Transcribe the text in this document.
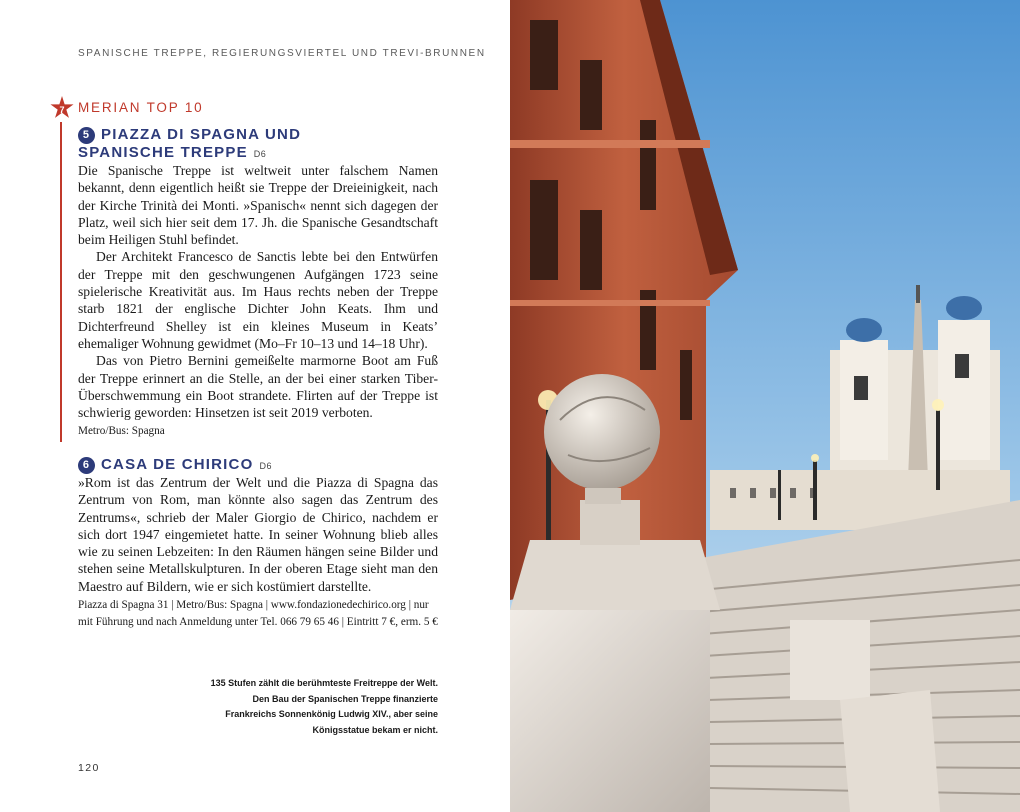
SPANISCHE TREPPE, REGIERUNGSVIERTEL UND TREVI-BRUNNEN
7	MERIAN TOP 10
5 PIAZZA DI SPAGNA UND
SPANISCHE TREPPE D6

Die Spanische Treppe ist weltweit unter falschem Namen bekannt, denn eigentlich heißt sie Treppe der Dreieinigkeit, nach der Kirche Trinità dei Monti. »Spanisch« nennt sich dagegen der Platz, weil sich hier seit dem 17. Jh. die Spanische Gesandtschaft beim Heiligen Stuhl befindet.

Der Architekt Francesco de Sanctis lebte bei den Entwürfen der Treppe mit den geschwungenen Aufgängen 1723 seine spielerische Kreativität aus. Im Haus rechts neben der Treppe starb 1821 der englische Dichter John Keats. Ihm und Dichterfreund Shelley ist ein kleines Museum in Keats’ ehemaliger Wohnung gewidmet (Mo–Fr 10–13 und 14–18 Uhr).

Das von Pietro Bernini gemeißelte marmorne Boot am Fuß der Treppe erinnert an die Stelle, an der bei einer starken Tiber-Überschwemmung ein Boot strandete. Flirten auf der Treppe ist schwierig geworden: Hinsetzen ist seit 2019 verboten.

Metro/Bus: Spagna
6 CASA DE CHIRICO D6

»Rom ist das Zentrum der Welt und die Piazza di Spagna das Zentrum von Rom, man könnte also sagen das Zentrum des Zentrums«, schrieb der Maler Giorgio de Chirico, nachdem er sich dort 1947 eingemietet hatte. In seiner Wohnung blieb alles wie zu seinen Lebzeiten: In den Räumen hängen seine Bilder und stehen seine Metallskulpturen. In der oberen Etage sieht man den Maestro auf Bildern, wie er sich kostümiert darstellte.

Piazza di Spagna 31 | Metro/Bus: Spagna | www.fondazionedechirico.org | nur mit Führung und nach Anmeldung unter Tel. 066 79 65 46 | Eintritt 7 €, erm. 5 €
135 Stufen zählt die berühmteste Freitreppe der Welt. Den Bau der Spanischen Treppe finanzierte Frankreichs Sonnenkönig Ludwig XIV., aber seine Königsstatue bekam er nicht.
120
